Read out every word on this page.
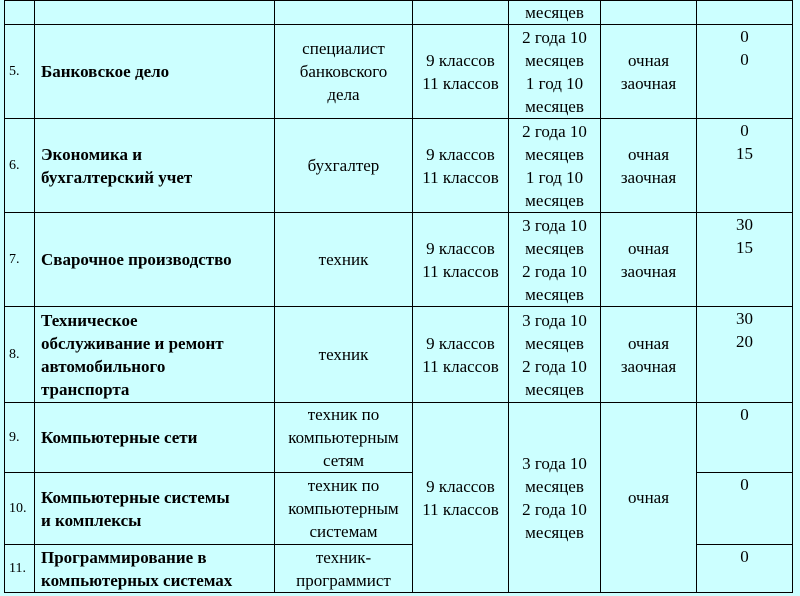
				месяцев		
5.	Банковское дело	специалист
банковского
дела	9 классов
11 классов	2 года 10
месяцев
1 год 10
месяцев	очная
заочная	0
0

6.	Экономика и
бухгалтерский учет	бухгалтер	9 классов
11 классов	2 года 10
месяцев
1 год 10
месяцев	очная
заочная	0
15

7.	Сварочное производство	техник	9 классов
11 классов	3 года 10
месяцев
2 года 10
месяцев	очная
заочная	30
15

8.	Техническое
обслуживание и ремонт
автомобильного
транспорта	техник	9 классов
11 классов	3 года 10
месяцев
2 года 10
месяцев	очная
заочная	30
20

9.	Компьютерные сети	техник по
компьютерным
сетям	9 классов
11 классов	3 года 10
месяцев
2 года 10
месяцев	очная	0

10.	Компьютерные системы
и комплексы	техник по
компьютерным
системам				0

11.	Программирование в
компьютерных системах	техник-
программист				0
